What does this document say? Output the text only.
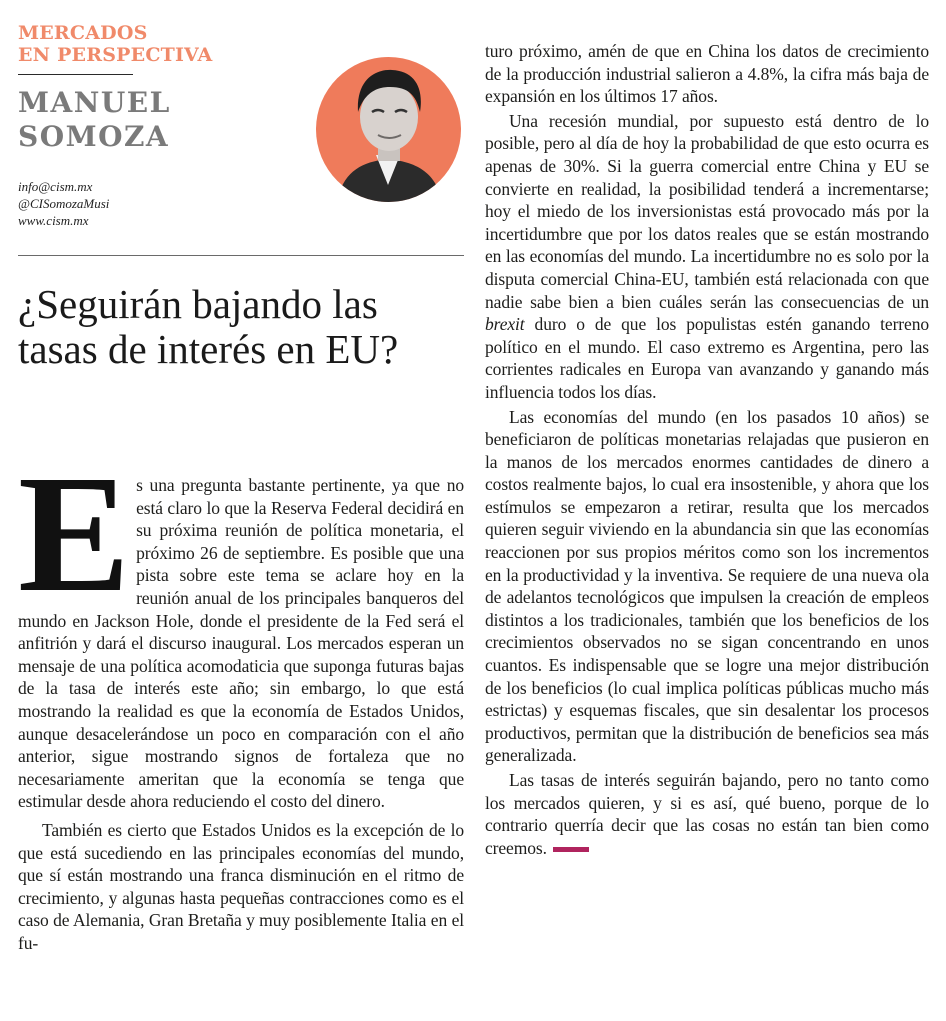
MERCADOS
EN PERSPECTIVA
MANUEL
SOMOZA
info@cism.mx
@CISomozaMusi
www.cism.mx
¿Seguirán bajando las tasas de interés en EU?
E s una pregunta bastante pertinente, ya que no está claro lo que la Reserva Federal decidirá en su próxima reunión de política monetaria, el próximo 26 de septiembre. Es posible que una pista sobre este tema se aclare hoy en la reunión anual de los principales banqueros del mundo en Jackson Hole, donde el presidente de la Fed será el anfitrión y dará el discurso inaugural. Los mercados esperan un mensaje de una política acomodaticia que suponga futuras bajas de la tasa de interés este año; sin embargo, lo que está mostrando la realidad es que la economía de Estados Unidos, aunque desacelerándose un poco en comparación con el año anterior, sigue mostrando signos de fortaleza que no necesariamente ameritan que la economía se tenga que estimular desde ahora reduciendo el costo del dinero.

También es cierto que Estados Unidos es la excepción de lo que está sucediendo en las principales economías del mundo, que sí están mostrando una franca disminución en el ritmo de crecimiento, y algunas hasta pequeñas contracciones como es el caso de Alemania, Gran Bretaña y muy posiblemente Italia en el fu-

turo próximo, amén de que en China los datos de crecimiento de la producción industrial salieron a 4.8%, la cifra más baja de expansión en los últimos 17 años.

Una recesión mundial, por supuesto está dentro de lo posible, pero al día de hoy la probabilidad de que esto ocurra es apenas de 30%. Si la guerra comercial entre China y EU se convierte en realidad, la posibilidad tenderá a incrementarse; hoy el miedo de los inversionistas está provocado más por la incertidumbre que por los datos reales que se están mostrando en las economías del mundo. La incertidumbre no es solo por la disputa comercial China-EU, también está relacionada con que nadie sabe bien a bien cuáles serán las consecuencias de un brexit duro o de que los populistas estén ganando terreno político en el mundo. El caso extremo es Argentina, pero las corrientes radicales en Europa van avanzando y ganando más influencia todos los días.

Las economías del mundo (en los pasados 10 años) se beneficiaron de políticas monetarias relajadas que pusieron en la manos de los mercados enormes cantidades de dinero a costos realmente bajos, lo cual era insostenible, y ahora que los estímulos se empezaron a retirar, resulta que los mercados quieren seguir viviendo en la abundancia sin que las economías reaccionen por sus propios méritos como son los incrementos en la productividad y la inventiva. Se requiere de una nueva ola de adelantos tecnológicos que impulsen la creación de empleos distintos a los tradicionales, también que los beneficios de los crecimientos observados no se sigan concentrando en unos cuantos. Es indispensable que se logre una mejor distribución de los beneficios (lo cual implica políticas públicas mucho más estrictas) y esquemas fiscales, que sin desalentar los procesos productivos, permitan que la distribución de beneficios sea más generalizada.

Las tasas de interés seguirán bajando, pero no tanto como los mercados quieren, y si es así, qué bueno, porque de lo contrario querría decir que las cosas no están tan bien como creemos.
